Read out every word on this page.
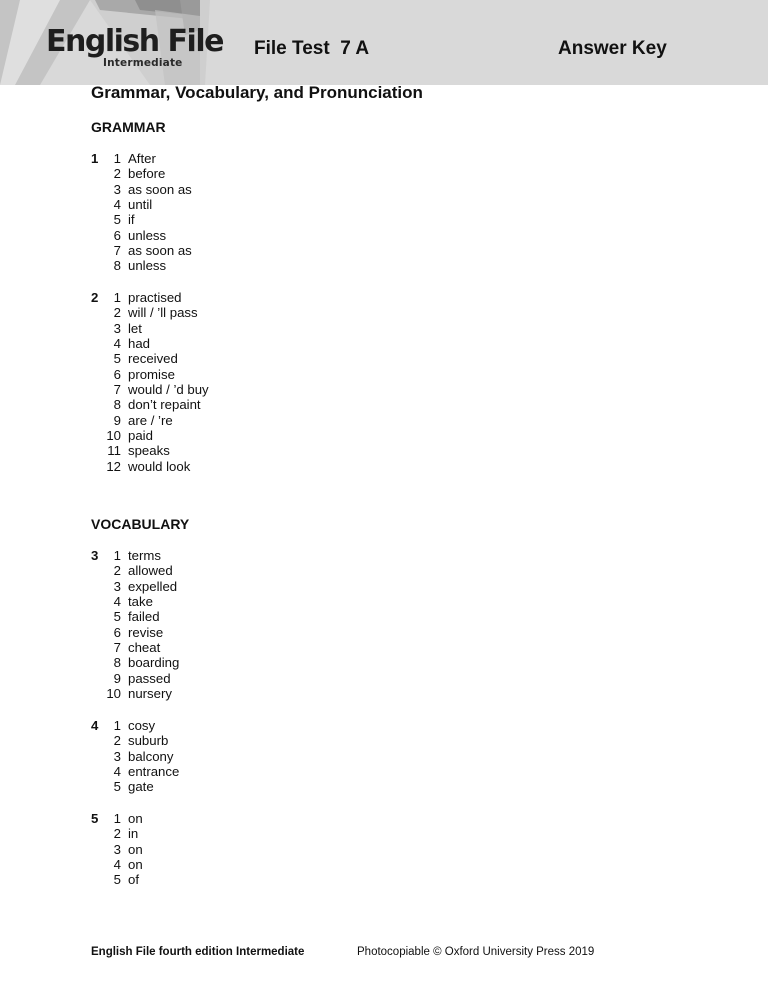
English File
Intermediate
File Test  7 A	Answer Key
Grammar, Vocabulary, and Pronunciation
GRAMMAR
1	1 After
2 before
3 as soon as
4 until
5 if
6 unless
7 as soon as
8 unless
2	1 practised
2 will / ’ll pass
3 let
4 had
5 received
6 promise
7 would / ’d buy
8 don’t repaint
9 are / ’re
10 paid
11 speaks
12 would look
VOCABULARY
3	1 terms
2 allowed
3 expelled
4 take
5 failed
6 revise
7 cheat
8 boarding
9 passed
10 nursery
4	1 cosy
2 suburb
3 balcony
4 entrance
5 gate
5	1 on
2 in
3 on
4 on
5 of
English File fourth edition Intermediate	Photocopiable © Oxford University Press 2019
